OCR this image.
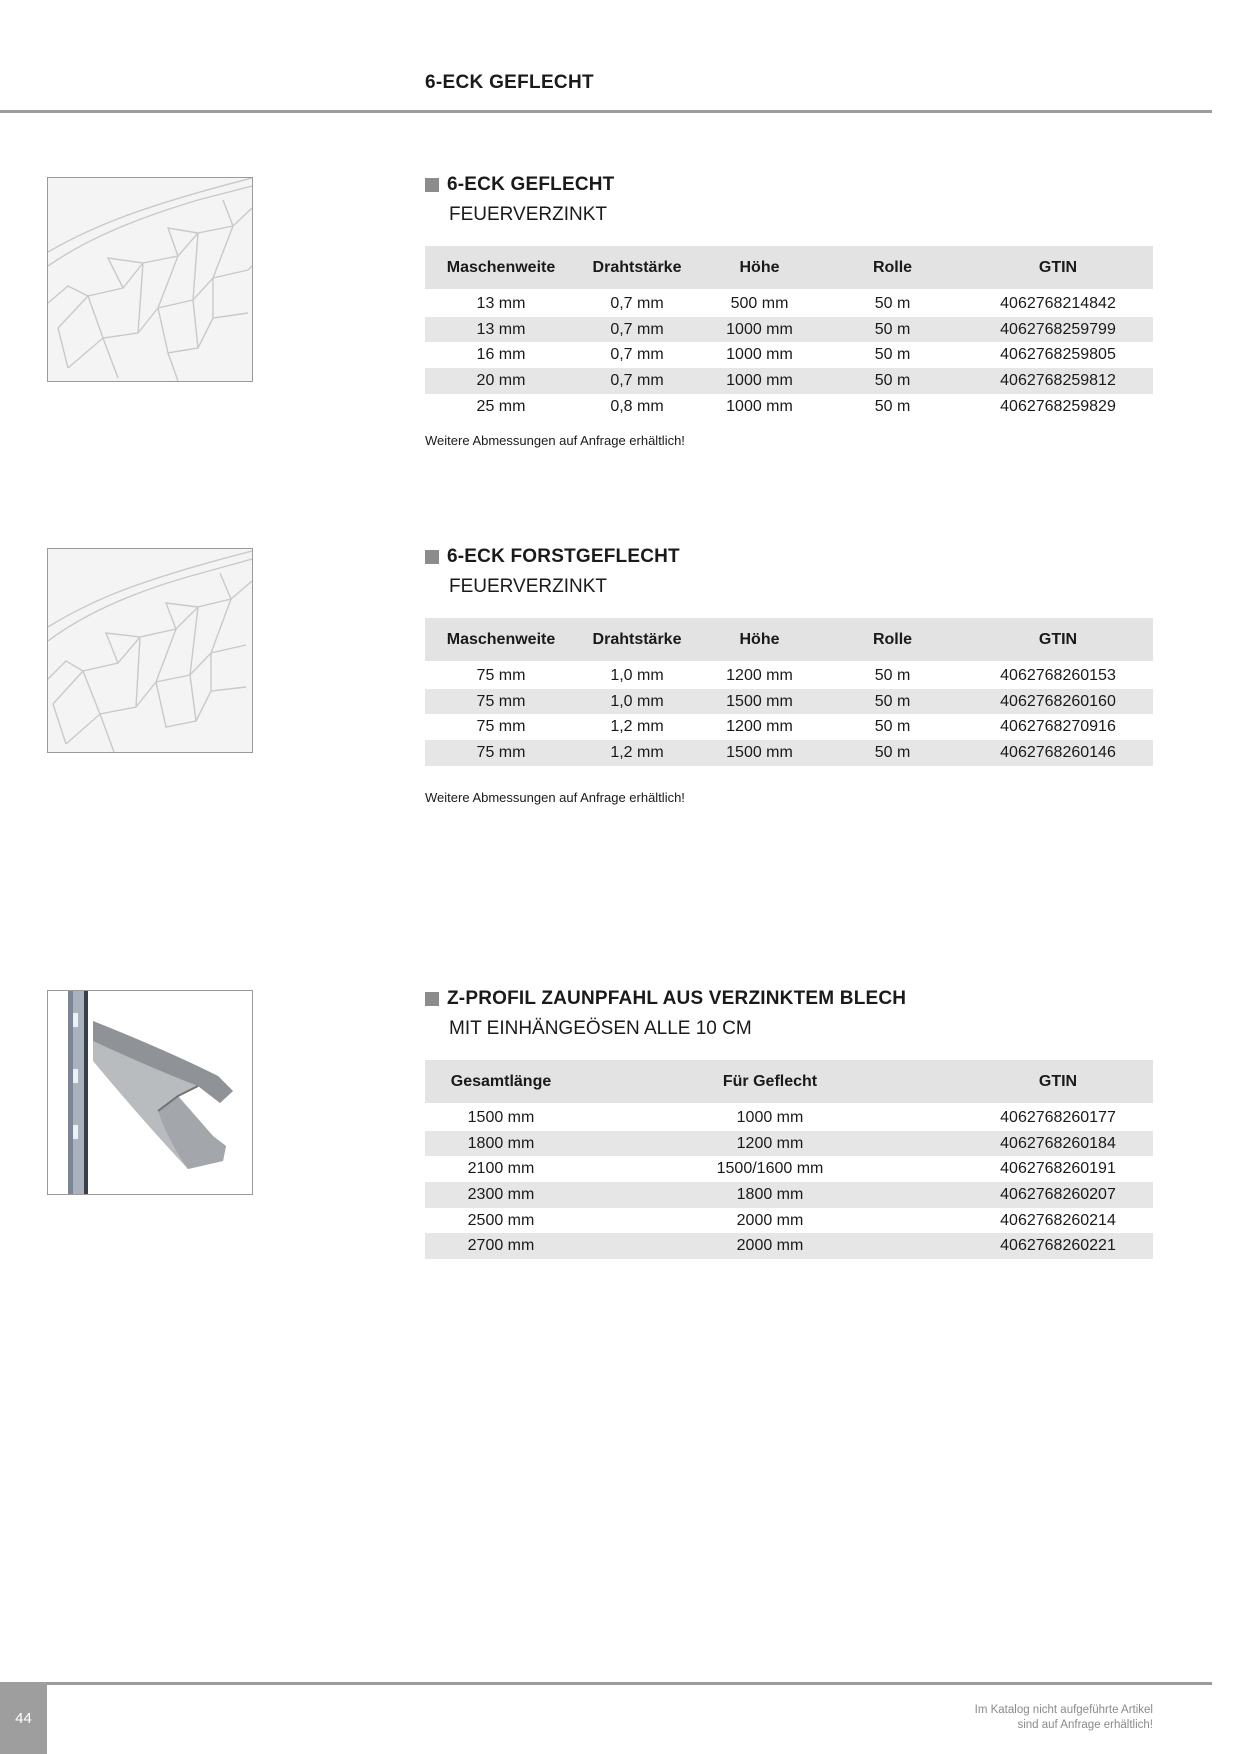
6-ECK GEFLECHT
6-ECK GEFLECHT
FEUERVERZINKT
Maschenweite	Drahtstärke	Höhe	Rolle	GTIN
13 mm	0,7 mm	500 mm	50 m	4062768214842
13 mm	0,7 mm	1000 mm	50 m	4062768259799
16 mm	0,7 mm	1000 mm	50 m	4062768259805
20 mm	0,7 mm	1000 mm	50 m	4062768259812
25 mm	0,8 mm	1000 mm	50 m	4062768259829
Weitere Abmessungen auf Anfrage erhältlich!
6-ECK FORSTGEFLECHT
FEUERVERZINKT
Maschenweite	Drahtstärke	Höhe	Rolle	GTIN
75 mm	1,0 mm	1200 mm	50 m	4062768260153
75 mm	1,0 mm	1500 mm	50 m	4062768260160
75 mm	1,2 mm	1200 mm	50 m	4062768270916
75 mm	1,2 mm	1500 mm	50 m	4062768260146
Weitere Abmessungen auf Anfrage erhältlich!
Z-PROFIL ZAUNPFAHL AUS VERZINKTEM BLECH
MIT EINHÄNGEÖSEN ALLE 10 CM
Gesamtlänge	Für Geflecht	GTIN
1500 mm	1000 mm	4062768260177
1800 mm	1200 mm	4062768260184
2100 mm	1500/1600 mm	4062768260191
2300 mm	1800 mm	4062768260207
2500 mm	2000 mm	4062768260214
2700 mm	2000 mm	4062768260221
44	Im Katalog nicht aufgeführte Artikel
sind auf Anfrage erhältlich!
